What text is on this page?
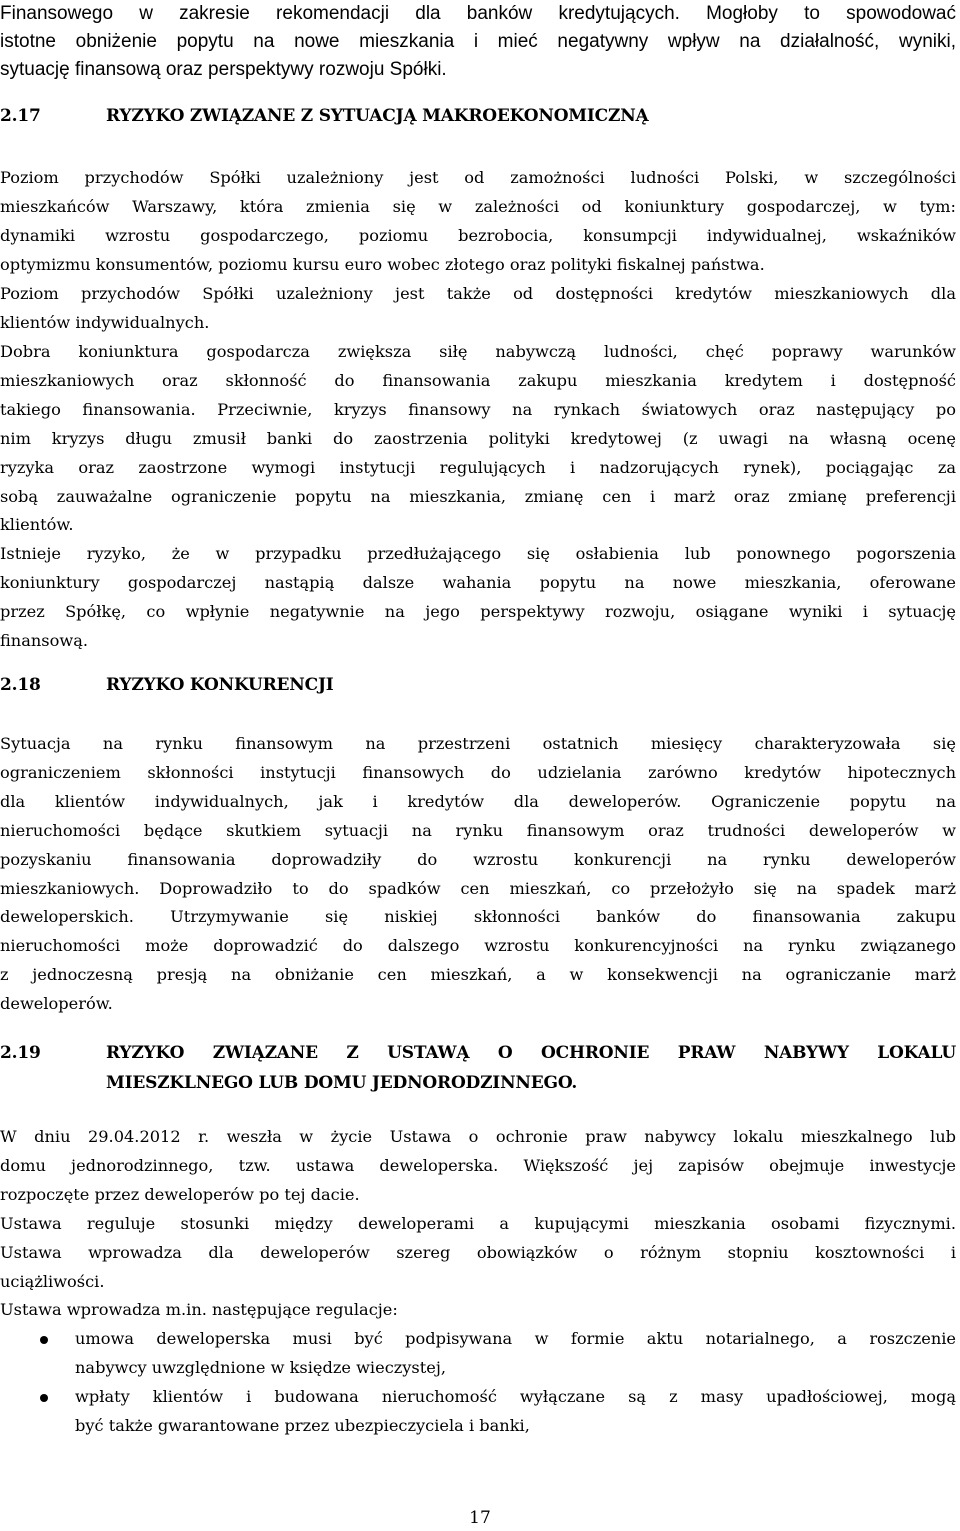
Finansowego w zakresie rekomendacji dla banków kredytujących. Mogłoby to spowodować
istotne obniżenie popytu na nowe mieszkania i mieć negatywny wpływ na działalność, wyniki,
sytuację finansową oraz perspektywy rozwoju Spółki.

2.17	RYZYKO ZWIĄZANE Z SYTUACJĄ MAKROEKONOMICZNĄ

Poziom przychodów Spółki uzależniony jest od zamożności ludności Polski, w szczególności
mieszkańców Warszawy, która zmienia się w zależności od koniunktury gospodarczej, w tym:
dynamiki wzrostu gospodarczego, poziomu bezrobocia, konsumpcji indywidualnej, wskaźników
optymizmu konsumentów, poziomu kursu euro wobec złotego oraz polityki fiskalnej państwa.

Poziom przychodów Spółki uzależniony jest także od dostępności kredytów mieszkaniowych dla
klientów indywidualnych.

Dobra koniunktura gospodarcza zwiększa siłę nabywczą ludności, chęć poprawy warunków
mieszkaniowych oraz skłonność do finansowania zakupu mieszkania kredytem i dostępność
takiego finansowania. Przeciwnie, kryzys finansowy na rynkach światowych oraz następujący po
nim kryzys długu zmusił banki do zaostrzenia polityki kredytowej (z uwagi na własną ocenę
ryzyka oraz zaostrzone wymogi instytucji regulujących i nadzorujących rynek), pociągając za
sobą zauważalne ograniczenie popytu na mieszkania, zmianę cen i marż oraz zmianę preferencji
klientów.

Istnieje ryzyko, że w przypadku przedłużającego się osłabienia lub ponownego pogorszenia
koniunktury gospodarczej nastąpią dalsze wahania popytu na nowe mieszkania, oferowane
przez Spółkę, co wpłynie negatywnie na jego perspektywy rozwoju, osiągane wyniki i sytuację
finansową.

2.18	RYZYKO KONKURENCJI

Sytuacja na rynku finansowym na przestrzeni ostatnich miesięcy charakteryzowała się
ograniczeniem skłonności instytucji finansowych do udzielania zarówno kredytów hipotecznych
dla klientów indywidualnych, jak i kredytów dla deweloperów. Ograniczenie popytu na
nieruchomości będące skutkiem sytuacji na rynku finansowym oraz trudności deweloperów w
pozyskaniu finansowania doprowadziły do wzrostu konkurencji na rynku deweloperów
mieszkaniowych. Doprowadziło to do spadków cen mieszkań, co przełożyło się na spadek marż
deweloperskich. Utrzymywanie się niskiej skłonności banków do finansowania zakupu
nieruchomości może doprowadzić do dalszego wzrostu konkurencyjności na rynku związanego
z jednoczesną presją na obniżanie cen mieszkań, a w konsekwencji na ograniczanie marż
deweloperów.

2.19	RYZYKO ZWIĄZANE Z USTAWĄ O OCHRONIE PRAW NABYWY LOKALU
MIESZKLNEGO LUB DOMU JEDNORODZINNEGO.

W dniu 29.04.2012 r. weszła w życie Ustawa o ochronie praw nabywcy lokalu mieszkalnego lub
domu jednorodzinnego, tzw. ustawa deweloperska. Większość jej zapisów obejmuje inwestycje
rozpoczęte przez deweloperów po tej dacie.

Ustawa reguluje stosunki między deweloperami a kupującymi mieszkania osobami fizycznymi.
Ustawa wprowadza dla deweloperów szereg obowiązków o różnym stopniu kosztowności i
uciążliwości.

Ustawa wprowadza m.in. następujące regulacje:

umowa deweloperska musi być podpisywana w formie aktu notarialnego, a roszczenie
nabywcy uwzględnione w księdze wieczystej,
wpłaty klientów i budowana nieruchomość wyłączane są z masy upadłościowej, mogą
być także gwarantowane przez ubezpieczyciela i banki,
17
